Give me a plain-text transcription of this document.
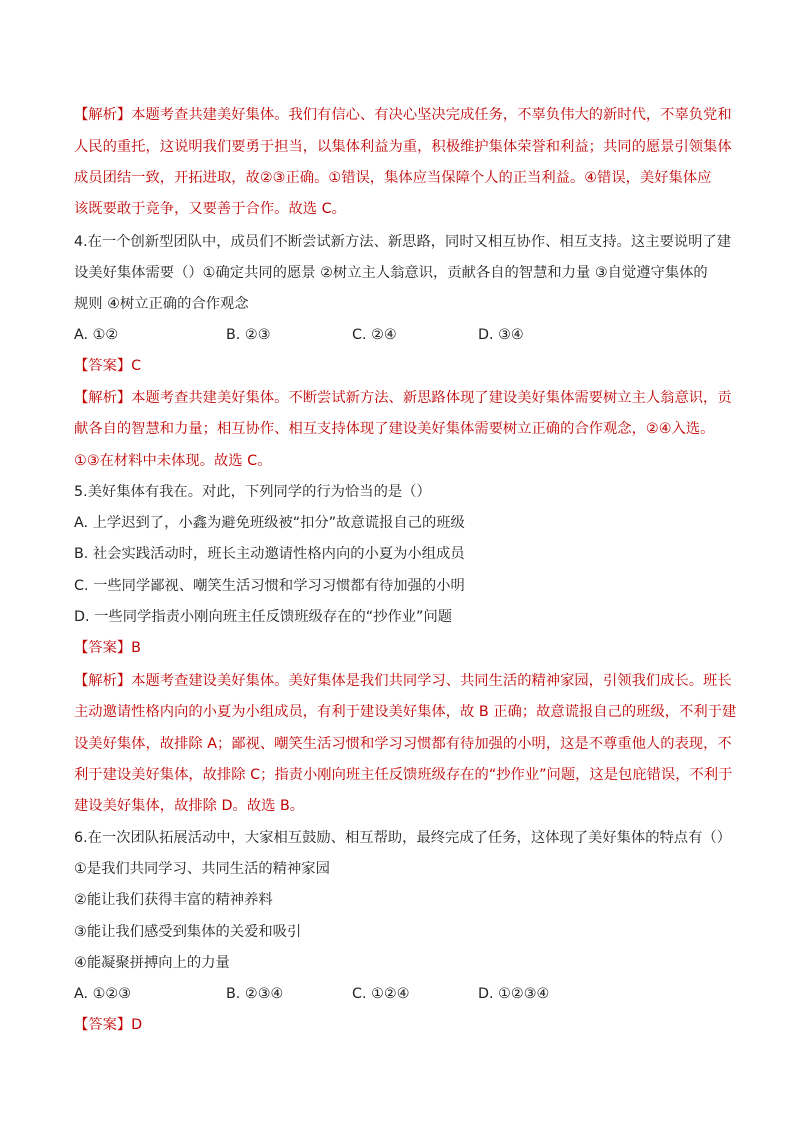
【解析】本题考查共建美好集体。我们有信心、有决心坚决完成任务，不辜负伟大的新时代，不辜负党和
人民的重托，这说明我们要勇于担当，以集体利益为重，积极维护集体荣誉和利益；共同的愿景引领集体
成员团结一致，开拓进取，故②③正确。①错误，集体应当保障个人的正当利益。④错误，美好集体应
该既要敢于竞争，又要善于合作。故选 C。
4.在一个创新型团队中，成员们不断尝试新方法、新思路，同时又相互协作、相互支持。这主要说明了建
设美好集体需要（）①确定共同的愿景 ②树立主人翁意识，贡献各自的智慧和力量 ③自觉遵守集体的
规则 ④树立正确的合作观念
A. ①②	B. ②③	C. ②④	D. ③④
【答案】C
【解析】本题考查共建美好集体。不断尝试新方法、新思路体现了建设美好集体需要树立主人翁意识，贡
献各自的智慧和力量；相互协作、相互支持体现了建设美好集体需要树立正确的合作观念，②④入选。
①③在材料中未体现。故选 C。
5.美好集体有我在。对此，下列同学的行为恰当的是（）
A. 上学迟到了，小鑫为避免班级被“扣分”故意谎报自己的班级
B. 社会实践活动时，班长主动邀请性格内向的小夏为小组成员
C. 一些同学鄙视、嘲笑生活习惯和学习习惯都有待加强的小明
D. 一些同学指责小刚向班主任反馈班级存在的“抄作业”问题
【答案】B
【解析】本题考查建设美好集体。美好集体是我们共同学习、共同生活的精神家园，引领我们成长。班长
主动邀请性格内向的小夏为小组成员，有利于建设美好集体，故 B 正确；故意谎报自己的班级，不利于建
设美好集体，故排除 A；鄙视、嘲笑生活习惯和学习习惯都有待加强的小明，这是不尊重他人的表现，不
利于建设美好集体，故排除 C；指责小刚向班主任反馈班级存在的“抄作业”问题，这是包庇错误，不利于
建设美好集体，故排除 D。故选 B。
6.在一次团队拓展活动中，大家相互鼓励、相互帮助，最终完成了任务，这体现了美好集体的特点有（）
①是我们共同学习、共同生活的精神家园
②能让我们获得丰富的精神养料
③能让我们感受到集体的关爱和吸引
④能凝聚拼搏向上的力量
A. ①②③	B. ②③④	C. ①②④	D. ①②③④
【答案】D
